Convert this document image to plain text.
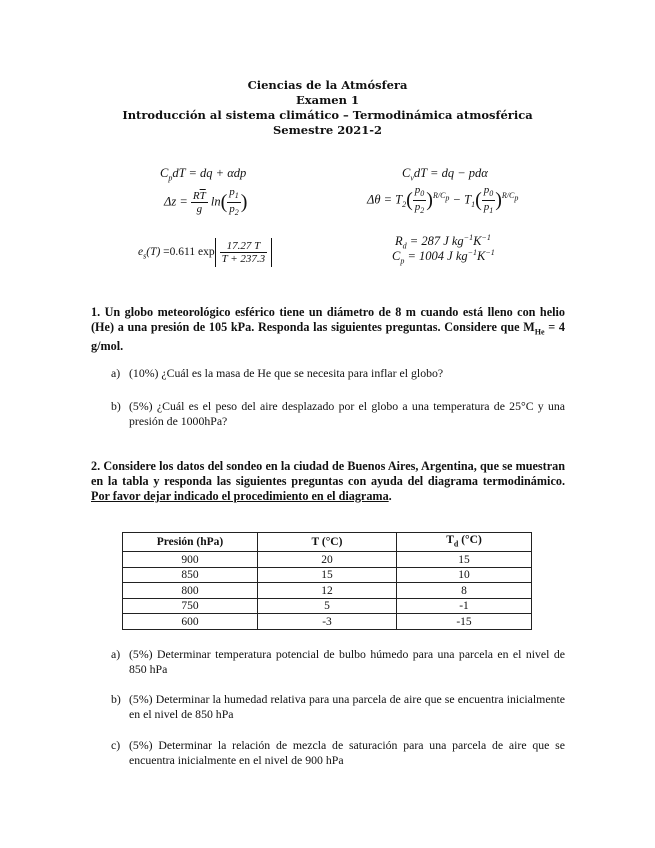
Ciencias de la Atmósfera
Examen 1
Introducción al sistema climático – Termodinámica atmosférica
Semestre 2021-2
$C_pdT$ = dq + αdp	$C_vdT$ = dq − pdα
$\Delta z = \frac{R\overline{T}}{g} \ln( \frac{p_1}{p_2}$ )	$\Delta\theta = T_2( \frac{p_0}{p_2} )^{R/C_p} - T_1( \frac{p_0}{p_1} )^{R/C_p}$
$e_s(T) =0.611$ $\exp \frac{17.27 T}{T + 237.3}$	$R_d = 287$ J $kg^{-1}K^{-1}$
$C_p = 1004$ J $kg^{-1}K^{-1}$
1. Un globo meteorológico esférico tiene un diámetro de 8 m cuando está lleno con helio (He) a una presión de 105 kPa. Responda las siguientes preguntas. Considere que $M_{He} = 4$ g/mol.
a) (10%) ¿Cuál es la masa de He que se necesita para inflar el globo?
b) (5%) ¿Cuál es el peso del aire desplazado por el globo a una temperatura de 25°C y una presión de 1000hPa?
2. Considere los datos del sondeo en la ciudad de Buenos Aires, Argentina, que se muestran en la tabla y responda las siguientes preguntas con ayuda del diagrama termodinámico. Por favor dejar indicado el procedimiento en el diagrama.
Presión (hPa)	T (°C)	$T_d$ (°C)
900	20	15
850	15	10
800	12	8
750	5	-1
600	-3	-15
a) (5%) Determinar temperatura potencial de bulbo húmedo para una parcela en el nivel de 850 hPa
b) (5%) Determinar la humedad relativa para una parcela de aire que se encuentra inicialmente en el nivel de 850 hPa
c) (5%) Determinar la relación de mezcla de saturación para una parcela de aire que se encuentra inicialmente en el nivel de 900 hPa
